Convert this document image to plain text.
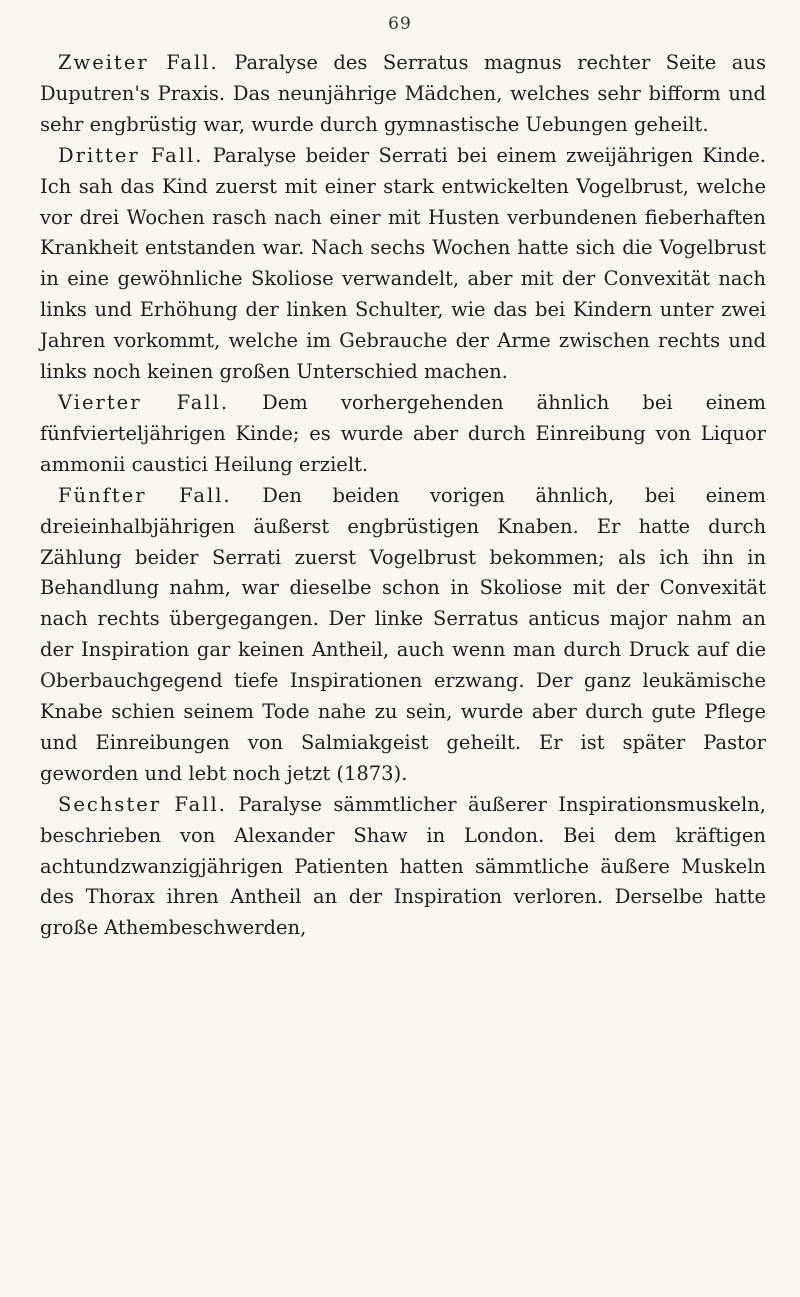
69

Zweiter Fall. Paralyse des Serratus magnus rechter Seite aus Duputren's Praxis. Das neunjährige Mädchen, welches sehr bifform und sehr engbrüstig war, wurde durch gymnastische Uebungen geheilt.

Dritter Fall. Paralyse beider Serrati bei einem zweijährigen Kinde. Ich sah das Kind zuerst mit einer stark entwickelten Vogelbrust, welche vor drei Wochen rasch nach einer mit Husten verbundenen fieberhaften Krankheit entstanden war. Nach sechs Wochen hatte sich die Vogelbrust in eine gewöhnliche Skoliose verwandelt, aber mit der Convexität nach links und Erhöhung der linken Schulter, wie das bei Kindern unter zwei Jahren vorkommt, welche im Gebrauche der Arme zwischen rechts und links noch keinen großen Unterschied machen.

Vierter Fall. Dem vorhergehenden ähnlich bei einem fünfvierteljährigen Kinde; es wurde aber durch Einreibung von Liquor ammonii caustici Heilung erzielt.

Fünfter Fall. Den beiden vorigen ähnlich, bei einem dreieinhalbjährigen äußerst engbrüstigen Knaben. Er hatte durch Zählung beider Serrati zuerst Vogelbrust bekommen; als ich ihn in Behandlung nahm, war dieselbe schon in Skoliose mit der Convexität nach rechts übergegangen. Der linke Serratus anticus major nahm an der Inspiration gar keinen Antheil, auch wenn man durch Druck auf die Oberbauchgegend tiefe Inspirationen erzwang. Der ganz leukämische Knabe schien seinem Tode nahe zu sein, wurde aber durch gute Pflege und Einreibungen von Salmiakgeist geheilt. Er ist später Pastor geworden und lebt noch jetzt (1873).

Sechster Fall. Paralyse sämmtlicher äußerer Inspirationsmuskeln, beschrieben von Alexander Shaw in London. Bei dem kräftigen achtundzwanzigjährigen Patienten hatten sämmtliche äußere Muskeln des Thorax ihren Antheil an der Inspiration verloren. Derselbe hatte große Athembeschwerden,
